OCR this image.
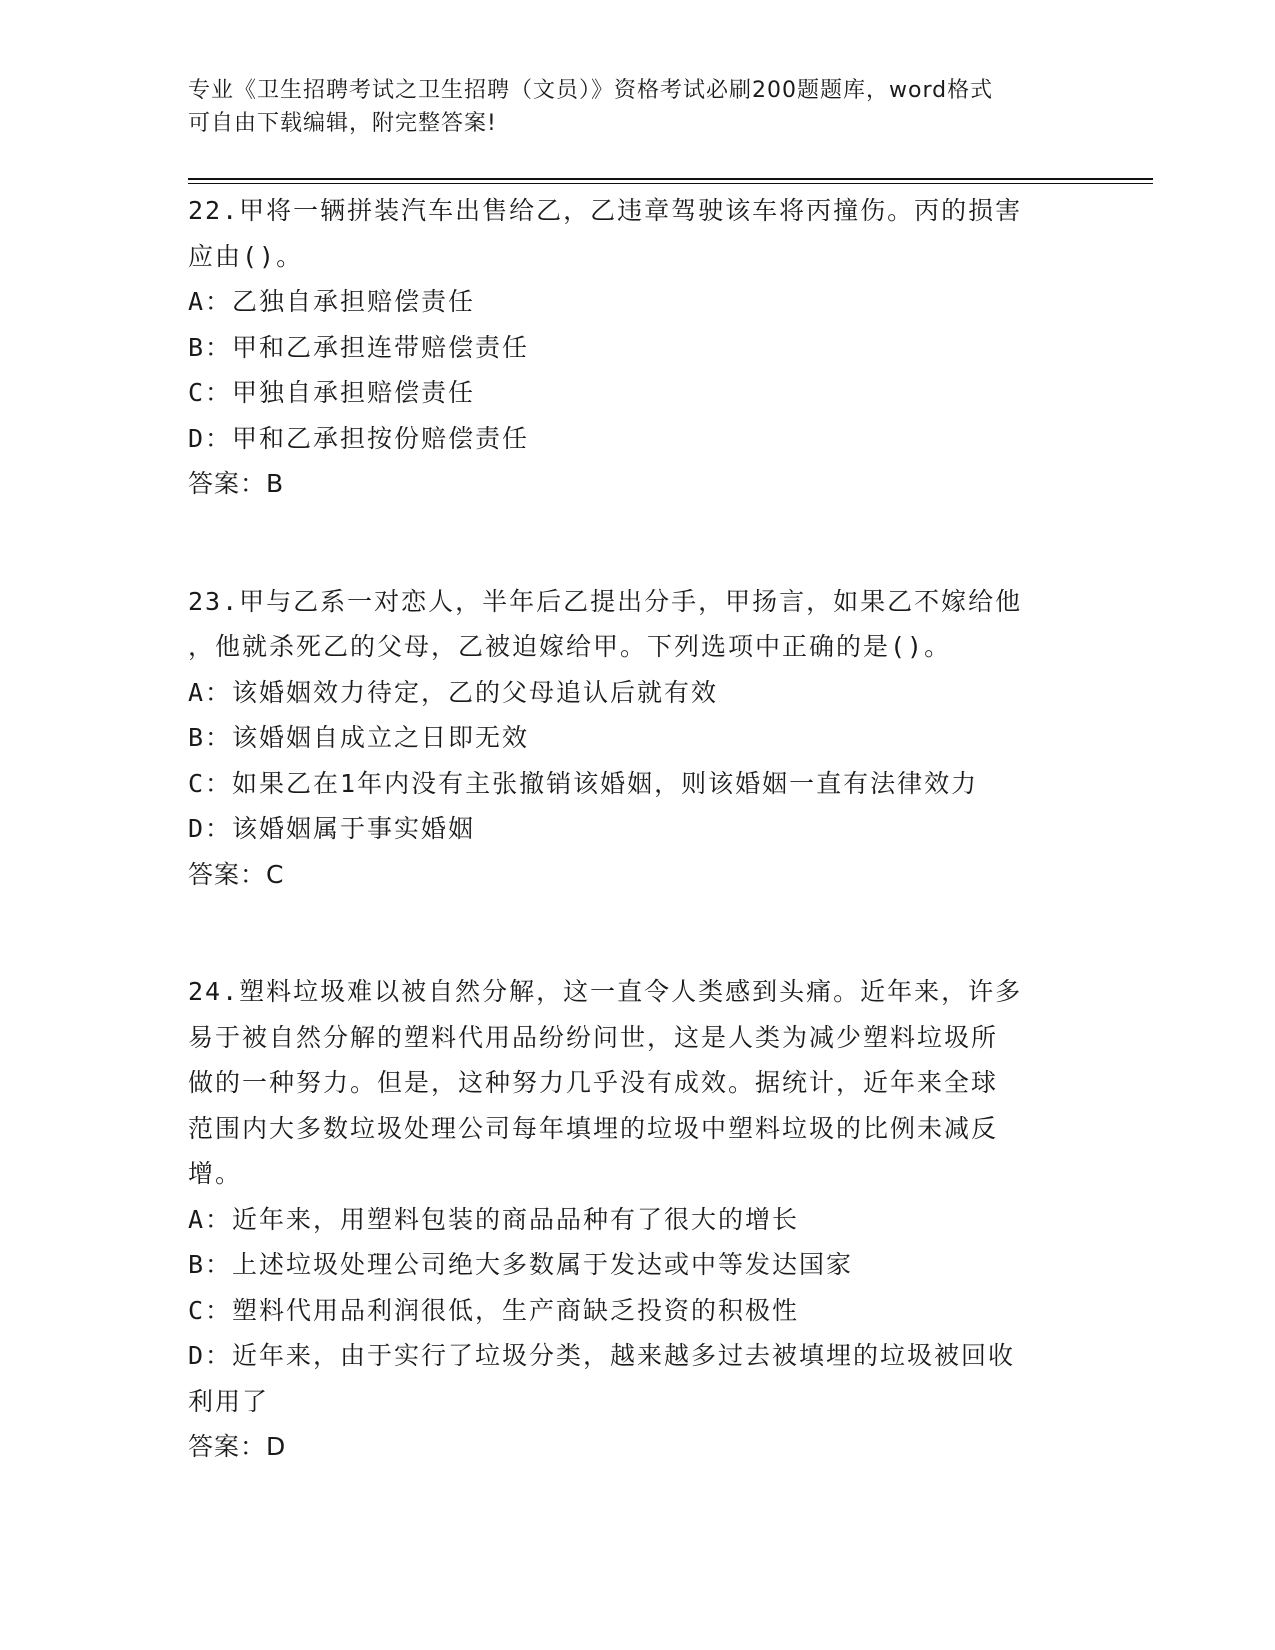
专业《卫生招聘考试之卫生招聘（文员）》资格考试必刷200题题库，word格式
可自由下载编辑，附完整答案!
22.甲将一辆拼装汽车出售给乙，乙违章驾驶该车将丙撞伤。丙的损害
应由()。
A：乙独自承担赔偿责任
B：甲和乙承担连带赔偿责任
C：甲独自承担赔偿责任
D：甲和乙承担按份赔偿责任
答案：B
23.甲与乙系一对恋人，半年后乙提出分手，甲扬言，如果乙不嫁给他
，他就杀死乙的父母，乙被迫嫁给甲。下列选项中正确的是()。
A：该婚姻效力待定，乙的父母追认后就有效
B：该婚姻自成立之日即无效
C：如果乙在1年内没有主张撤销该婚姻，则该婚姻一直有法律效力
D：该婚姻属于事实婚姻
答案：C
24.塑料垃圾难以被自然分解，这一直令人类感到头痛。近年来，许多
易于被自然分解的塑料代用品纷纷问世，这是人类为减少塑料垃圾所
做的一种努力。但是，这种努力几乎没有成效。据统计，近年来全球
范围内大多数垃圾处理公司每年填埋的垃圾中塑料垃圾的比例未减反
增。
A：近年来，用塑料包装的商品品种有了很大的增长
B：上述垃圾处理公司绝大多数属于发达或中等发达国家
C：塑料代用品利润很低，生产商缺乏投资的积极性
D：近年来，由于实行了垃圾分类，越来越多过去被填埋的垃圾被回收
利用了
答案：D
